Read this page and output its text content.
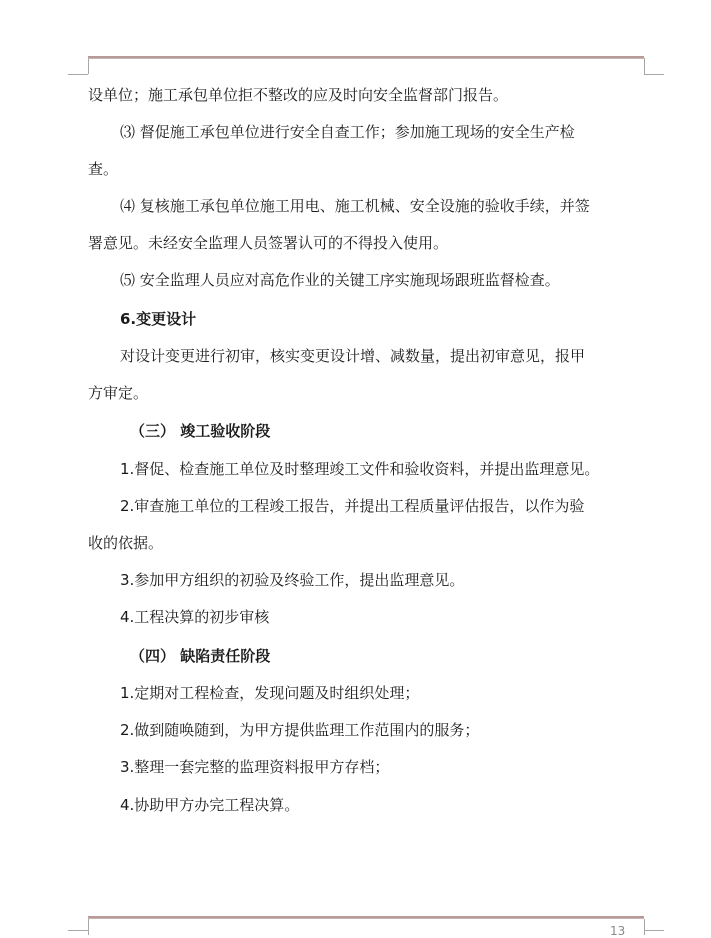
设单位；施工承包单位拒不整改的应及时向安全监督部门报告。
⑶ 督促施工承包单位进行安全自查工作；参加施工现场的安全生产检
查。
⑷ 复核施工承包单位施工用电、施工机械、安全设施的验收手续，并签
署意见。未经安全监理人员签署认可的不得投入使用。
⑸ 安全监理人员应对高危作业的关键工序实施现场跟班监督检查。
6.变更设计
对设计变更进行初审，核实变更设计增、减数量，提出初审意见，报甲
方审定。
（三） 竣工验收阶段
1.督促、检查施工单位及时整理竣工文件和验收资料，并提出监理意见。
2.审查施工单位的工程竣工报告，并提出工程质量评估报告，以作为验
收的依据。
3.参加甲方组织的初验及终验工作，提出监理意见。
4.工程决算的初步审核
（四） 缺陷责任阶段
1.定期对工程检查，发现问题及时组织处理；
2.做到随唤随到，为甲方提供监理工作范围内的服务；
3.整理一套完整的监理资料报甲方存档；
4.协助甲方办完工程决算。
13
